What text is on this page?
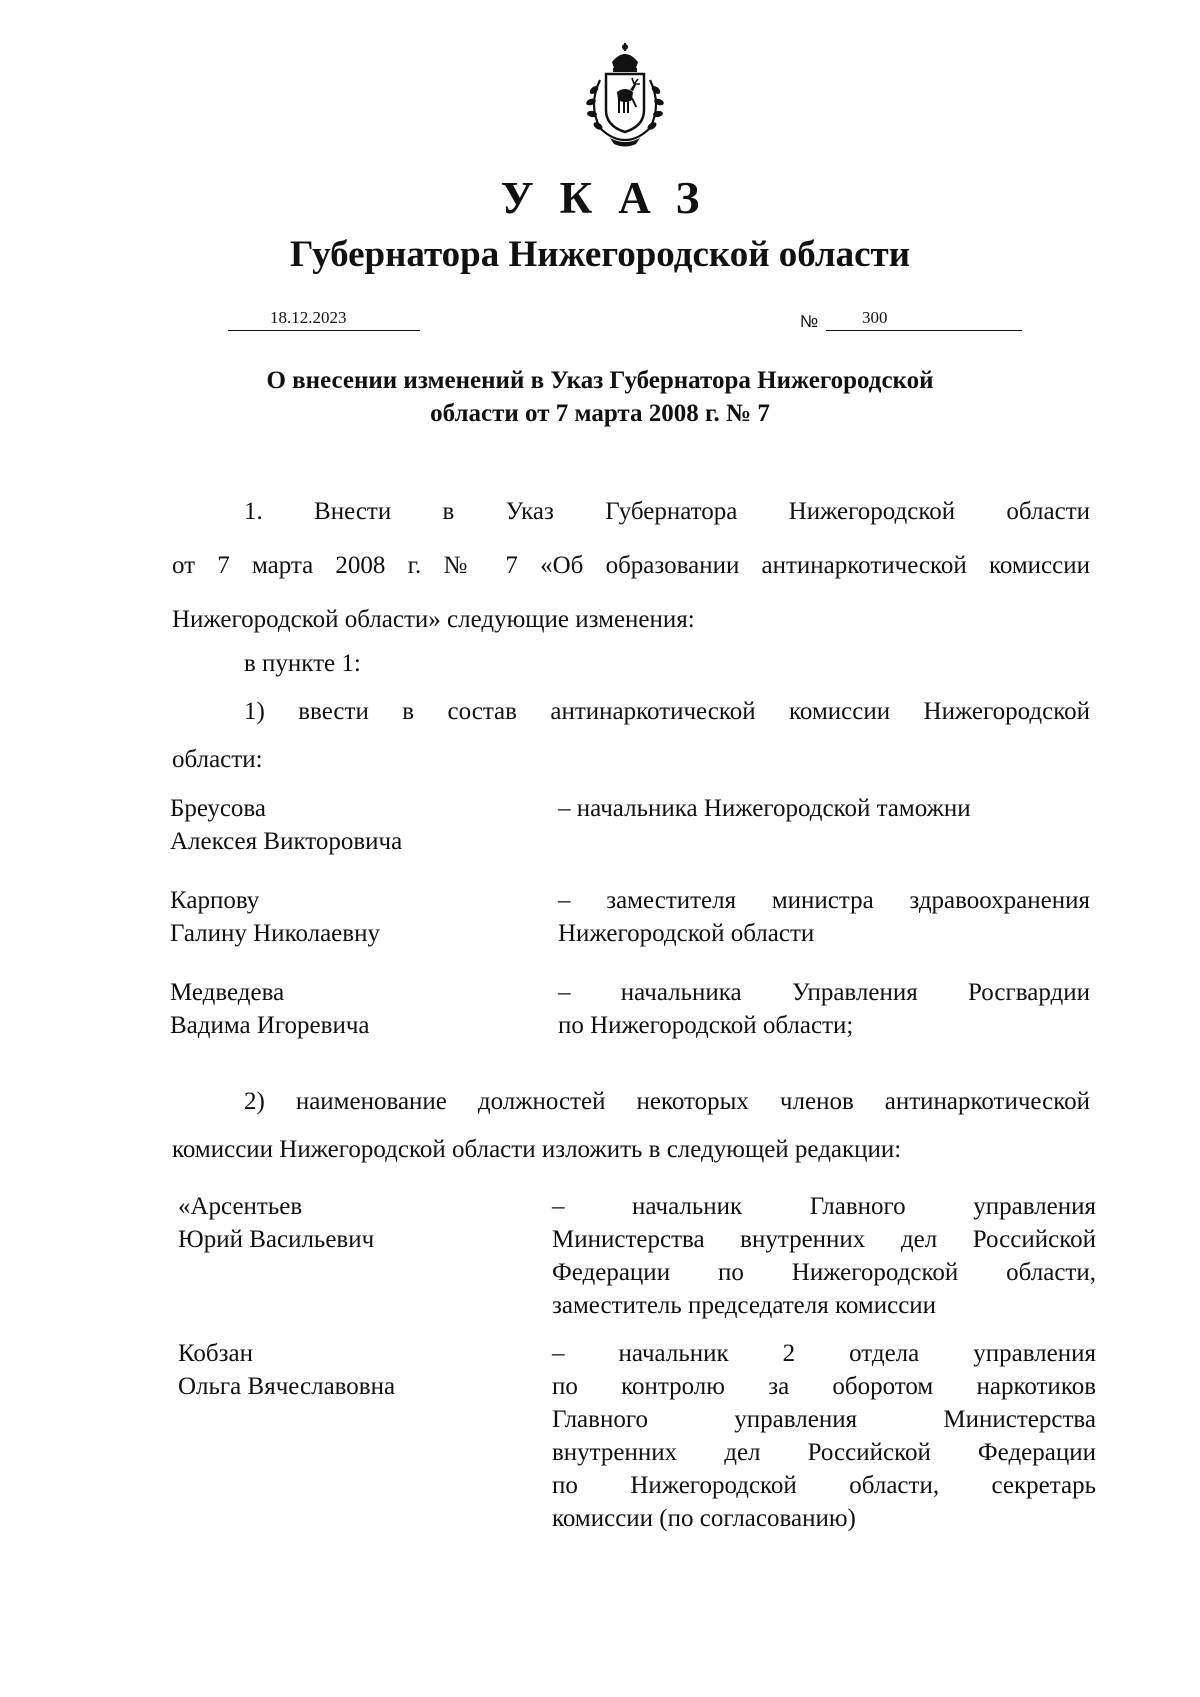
УКАЗ
Губернатора Нижегородской области
18.12.2023	№	300
О внесении изменений в Указ Губернатора Нижегородской
области от 7 марта 2008 г. № 7
1. Внести в Указ Губернатора Нижегородской области
от 7 марта 2008 г. № 7 «Об образовании антинаркотической комиссии
Нижегородской области» следующие изменения:
в пункте 1:
1) ввести в состав антинаркотической комиссии Нижегородской
области:
Бреусова
Алексея Викторовича
– начальника Нижегородской таможни
Карпову
Галину Николаевну
– заместителя министра здравоохранения
Нижегородской области
Медведева
Вадима Игоревича
– начальника Управления Росгвардии
по Нижегородской области;
2) наименование должностей некоторых членов антинаркотической
комиссии Нижегородской области изложить в следующей редакции:
«Арсентьев
Юрий Васильевич
– начальник Главного управления
Министерства внутренних дел Российской
Федерации по Нижегородской области,
заместитель председателя комиссии
Кобзан
Ольга Вячеславовна
– начальник 2 отдела управления
по контролю за оборотом наркотиков
Главного управления Министерства
внутренних дел Российской Федерации
по Нижегородской области, секретарь
комиссии (по согласованию)
